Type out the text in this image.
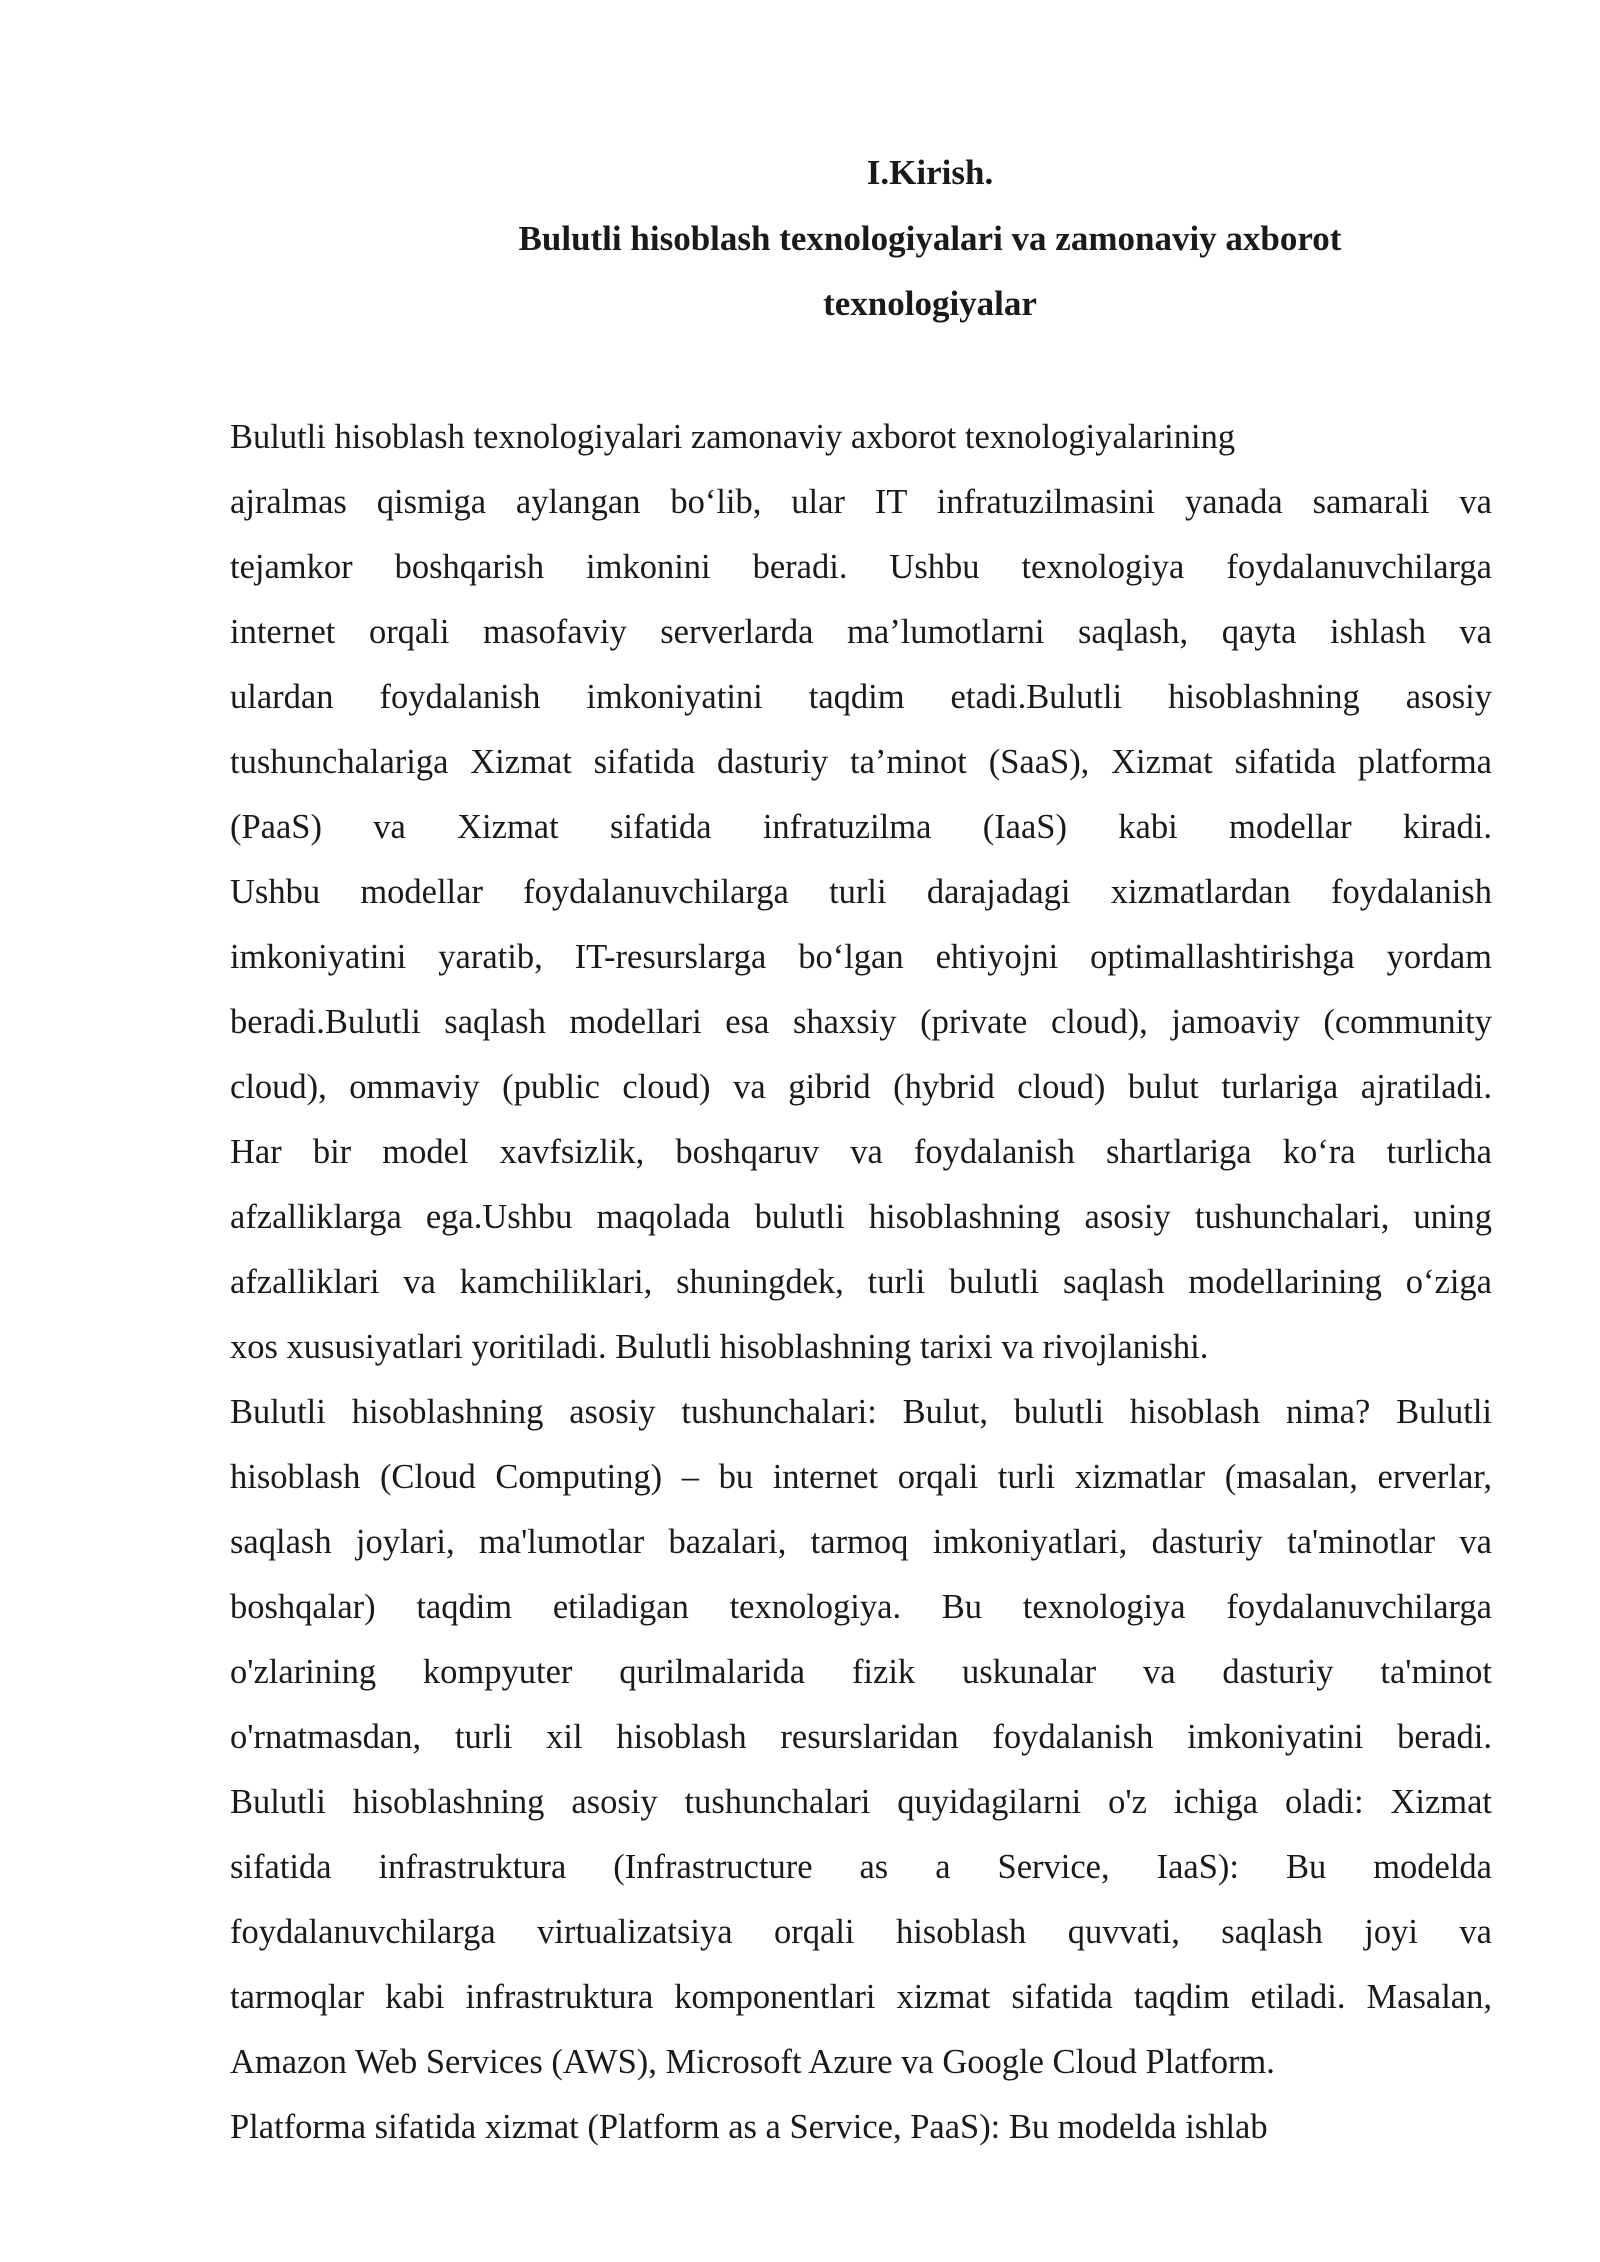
I.Kirish.

Bulutli hisoblash texnologiyalari va zamonaviy axborot

texnologiyalar

Bulutli hisoblash texnologiyalari zamonaviy axborot texnologiyalarining
ajralmas qismiga aylangan bo‘lib, ular IT infratuzilmasini yanada samarali va
tejamkor boshqarish imkonini beradi. Ushbu texnologiya foydalanuvchilarga
internet orqali masofaviy serverlarda ma’lumotlarni saqlash, qayta ishlash va
ulardan foydalanish imkoniyatini taqdim etadi.Bulutli hisoblashning asosiy
tushunchalariga Xizmat sifatida dasturiy ta’minot (SaaS), Xizmat sifatida platforma
(PaaS) va Xizmat sifatida infratuzilma (IaaS) kabi modellar kiradi.
Ushbu modellar foydalanuvchilarga turli darajadagi xizmatlardan foydalanish
imkoniyatini yaratib, IT-resurslarga bo‘lgan ehtiyojni optimallashtirishga yordam
beradi.Bulutli saqlash modellari esa shaxsiy (private cloud), jamoaviy (community
cloud), ommaviy (public cloud) va gibrid (hybrid cloud) bulut turlariga ajratiladi.
Har bir model xavfsizlik, boshqaruv va foydalanish shartlariga ko‘ra turlicha
afzalliklarga ega.Ushbu maqolada bulutli hisoblashning asosiy tushunchalari, uning
afzalliklari va kamchiliklari, shuningdek, turli bulutli saqlash modellarining o‘ziga
xos xususiyatlari yoritiladi. Bulutli hisoblashning tarixi va rivojlanishi.
Bulutli hisoblashning asosiy tushunchalari: Bulut, bulutli hisoblash nima? Bulutli
hisoblash (Cloud Computing) – bu internet orqali turli xizmatlar (masalan, erverlar,
saqlash joylari, ma'lumotlar bazalari, tarmoq imkoniyatlari, dasturiy ta'minotlar va
boshqalar) taqdim etiladigan texnologiya. Bu texnologiya foydalanuvchilarga
o'zlarining kompyuter qurilmalarida fizik uskunalar va dasturiy ta'minot
o'rnatmasdan, turli xil hisoblash resurslaridan foydalanish imkoniyatini beradi.
Bulutli hisoblashning asosiy tushunchalari quyidagilarni o'z ichiga oladi: Xizmat
sifatida infrastruktura (Infrastructure as a Service, IaaS): Bu modelda
foydalanuvchilarga virtualizatsiya orqali hisoblash quvvati, saqlash joyi va
tarmoqlar kabi infrastruktura komponentlari xizmat sifatida taqdim etiladi. Masalan,
Amazon Web Services (AWS), Microsoft Azure va Google Cloud Platform.
Platforma sifatida xizmat (Platform as a Service, PaaS): Bu modelda ishlab
